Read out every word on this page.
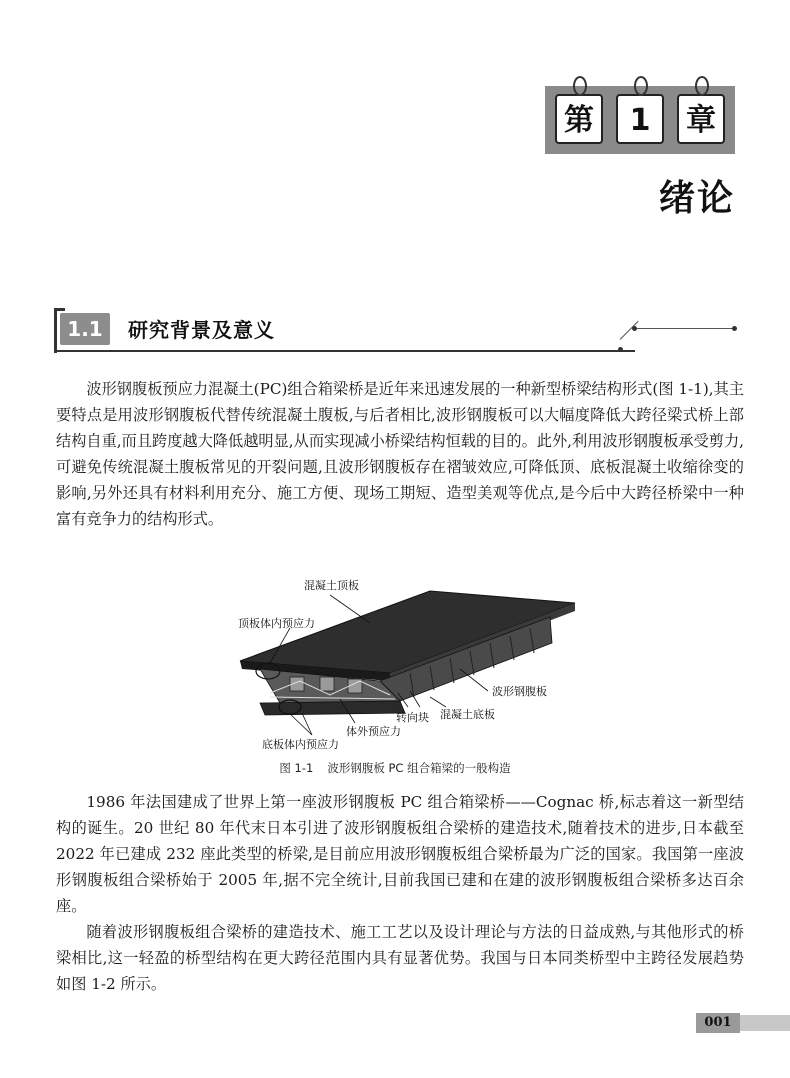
第	1	章
绪论
1.1	研究背景及意义

波形钢腹板预应力混凝土(PC)组合箱梁桥是近年来迅速发展的一种新型桥梁结构形式(图 1-1),其主要特点是用波形钢腹板代替传统混凝土腹板,与后者相比,波形钢腹板可以大幅度降低大跨径梁式桥上部结构自重,而且跨度越大降低越明显,从而实现减小桥梁结构恒载的目的。此外,利用波形钢腹板承受剪力,可避免传统混凝土腹板常见的开裂问题,且波形钢腹板存在褶皱效应,可降低顶、底板混凝土收缩徐变的影响,另外还具有材料利用充分、施工方便、现场工期短、造型美观等优点,是今后中大跨径桥梁中一种富有竞争力的结构形式。

混凝土顶板
顶板体内预应力
波形钢腹板
转向块 混凝土底板
体外预应力
底板体内预应力
图 1-1 波形钢腹板 PC 组合箱梁的一般构造

1986 年法国建成了世界上第一座波形钢腹板 PC 组合箱梁桥——Cognac 桥,标志着这一新型结构的诞生。20 世纪 80 年代末日本引进了波形钢腹板组合梁桥的建造技术,随着技术的进步,日本截至 2022 年已建成 232 座此类型的桥梁,是目前应用波形钢腹板组合梁桥最为广泛的国家。我国第一座波形钢腹板组合梁桥始于 2005 年,据不完全统计,目前我国已建和在建的波形钢腹板组合梁桥多达百余座。

随着波形钢腹板组合梁桥的建造技术、施工工艺以及设计理论与方法的日益成熟,与其他形式的桥梁相比,这一轻盈的桥型结构在更大跨径范围内具有显著优势。我国与日本同类桥型中主跨径发展趋势如图 1-2 所示。

001
